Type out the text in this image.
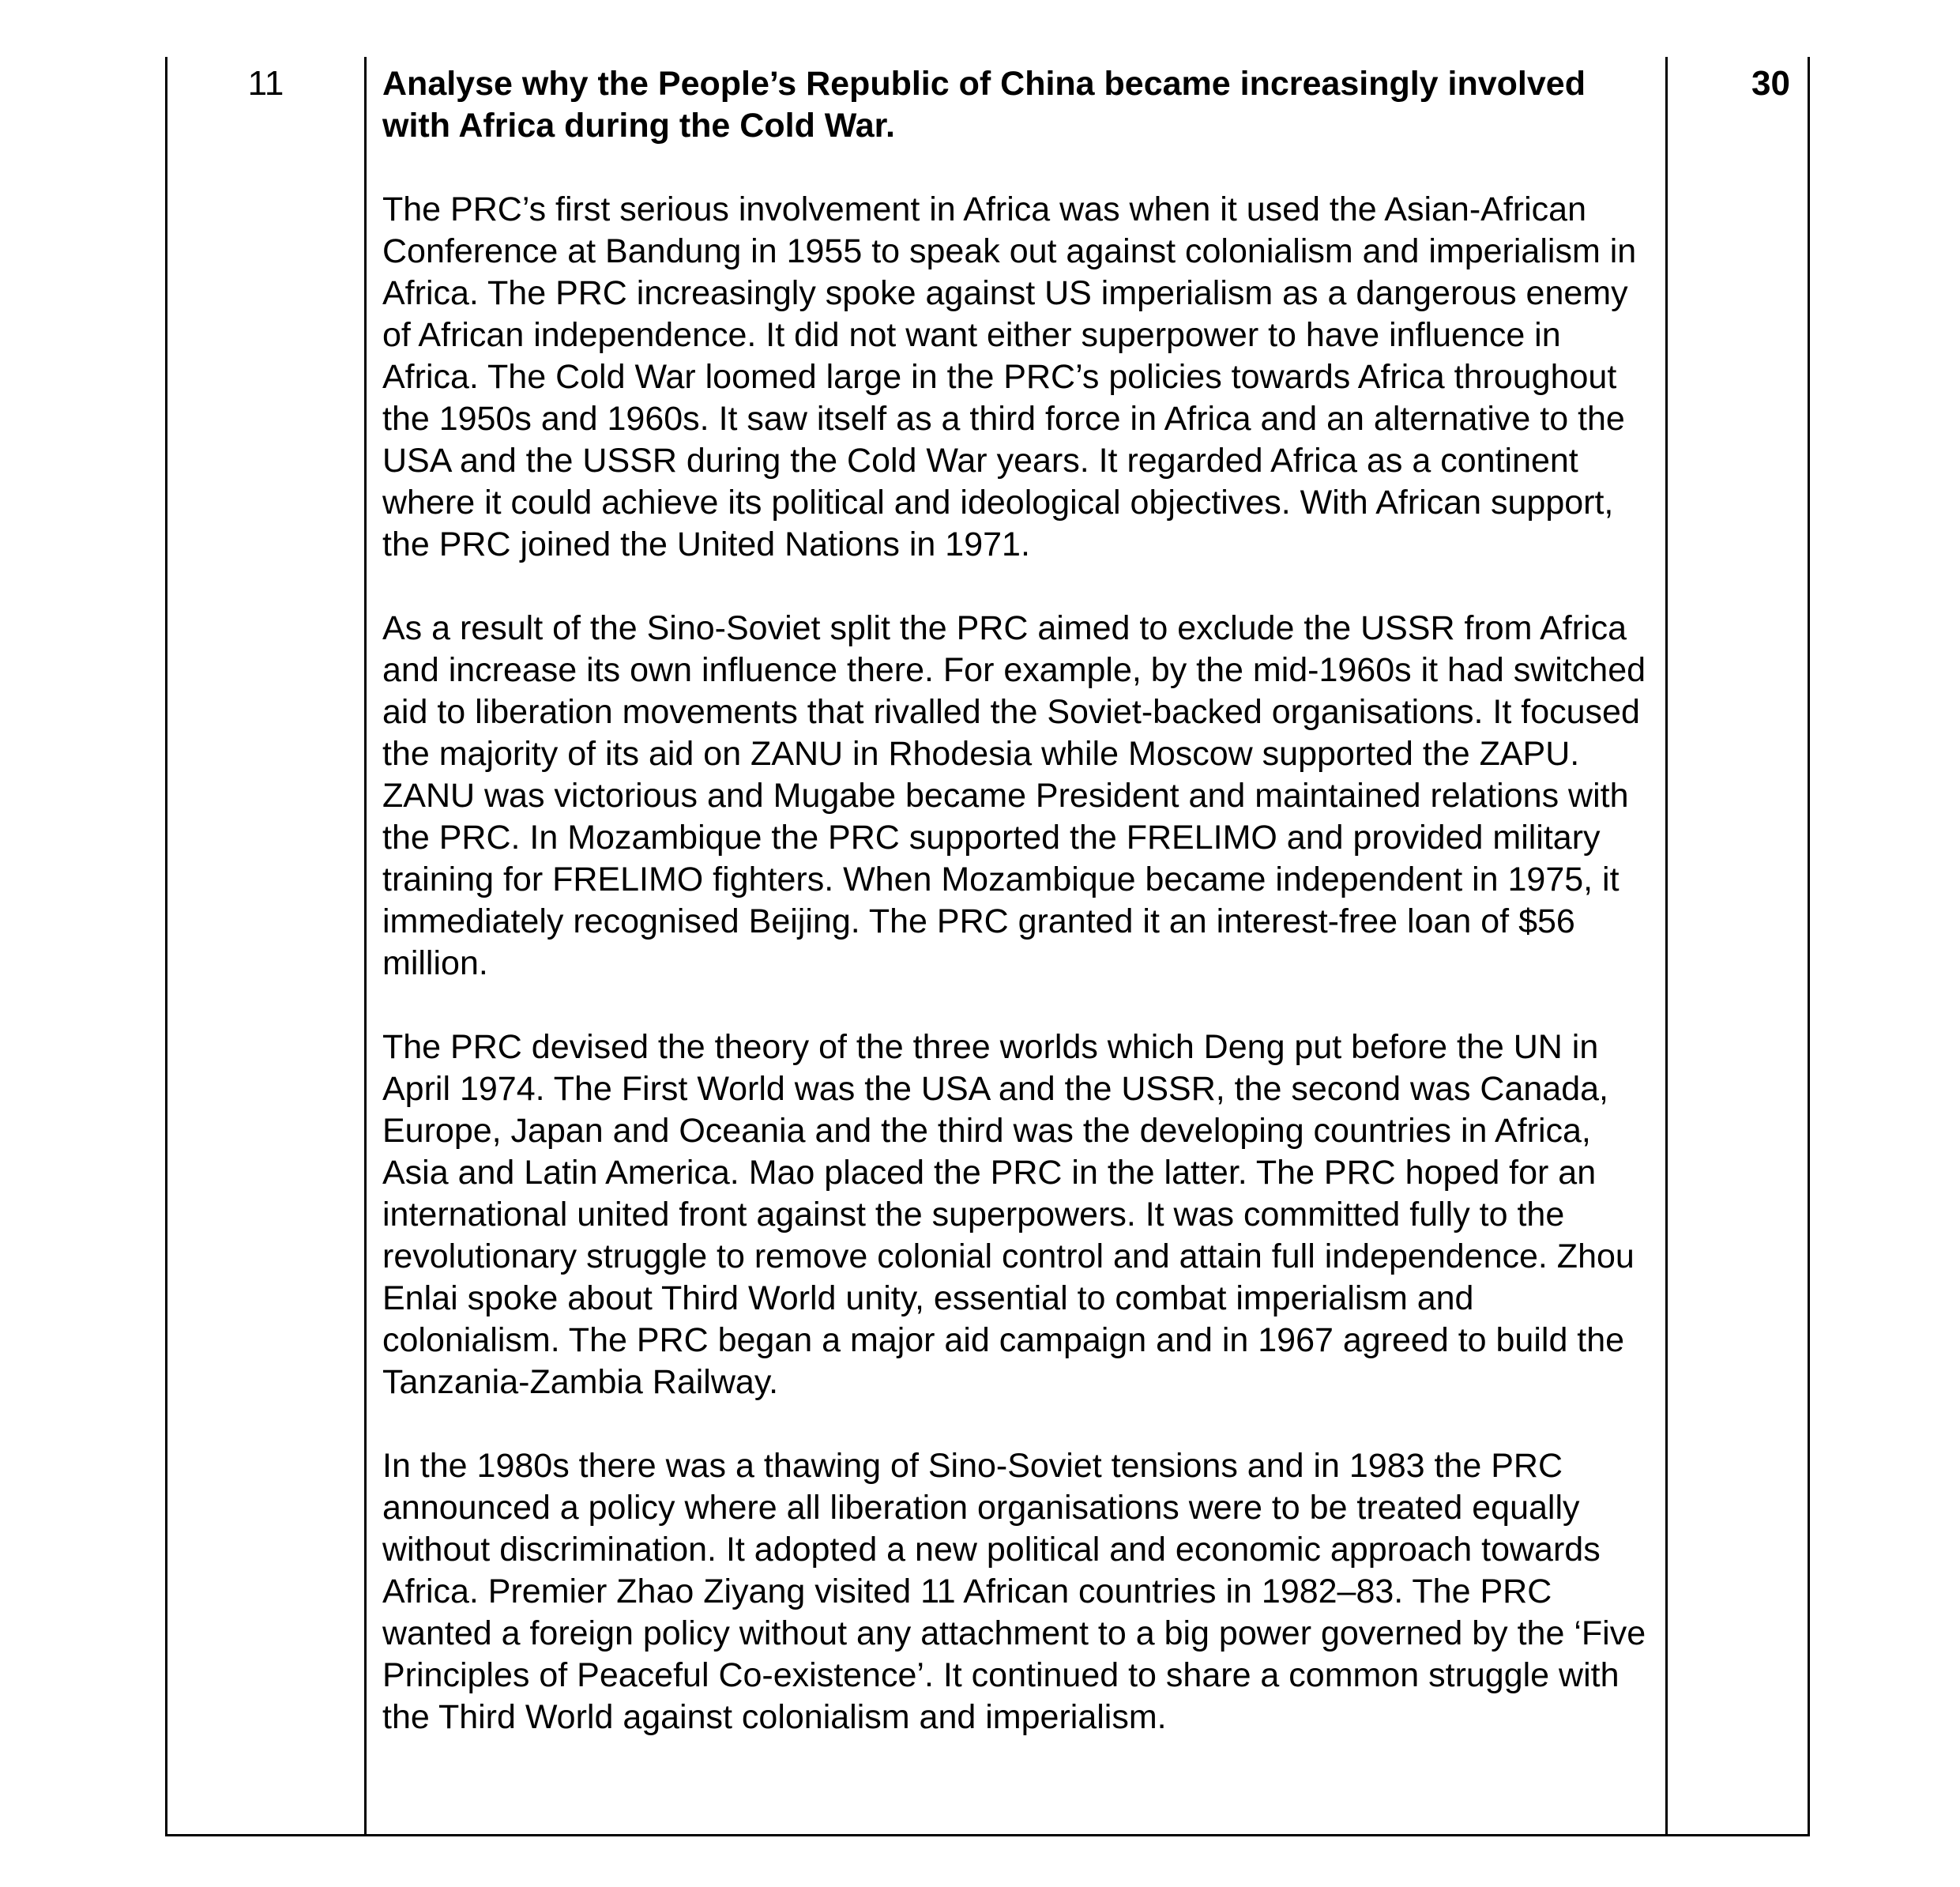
11	Analyse why the People’s Republic of China became increasingly involved with Africa during the Cold War.

The PRC’s first serious involvement in Africa was when it used the Asian-African Conference at Bandung in 1955 to speak out against colonialism and imperialism in Africa. The PRC increasingly spoke against US imperialism as a dangerous enemy of African independence. It did not want either superpower to have influence in Africa. The Cold War loomed large in the PRC’s policies towards Africa throughout the 1950s and 1960s. It saw itself as a third force in Africa and an alternative to the USA and the USSR during the Cold War years. It regarded Africa as a continent where it could achieve its political and ideological objectives. With African support, the PRC joined the United Nations in 1971.

As a result of the Sino-Soviet split the PRC aimed to exclude the USSR from Africa and increase its own influence there. For example, by the mid-1960s it had switched aid to liberation movements that rivalled the Soviet-backed organisations. It focused the majority of its aid on ZANU in Rhodesia while Moscow supported the ZAPU. ZANU was victorious and Mugabe became President and maintained relations with the PRC. In Mozambique the PRC supported the FRELIMO and provided military training for FRELIMO fighters. When Mozambique became independent in 1975, it immediately recognised Beijing. The PRC granted it an interest-free loan of $56 million.

The PRC devised the theory of the three worlds which Deng put before the UN in April 1974. The First World was the USA and the USSR, the second was Canada, Europe, Japan and Oceania and the third was the developing countries in Africa, Asia and Latin America. Mao placed the PRC in the latter. The PRC hoped for an international united front against the superpowers. It was committed fully to the revolutionary struggle to remove colonial control and attain full independence. Zhou Enlai spoke about Third World unity, essential to combat imperialism and colonialism. The PRC began a major aid campaign and in 1967 agreed to build the Tanzania-Zambia Railway.

In the 1980s there was a thawing of Sino-Soviet tensions and in 1983 the PRC announced a policy where all liberation organisations were to be treated equally without discrimination. It adopted a new political and economic approach towards Africa. Premier Zhao Ziyang visited 11 African countries in 1982–83. The PRC wanted a foreign policy without any attachment to a big power governed by the ‘Five Principles of Peaceful Co-existence’. It continued to share a common struggle with the Third World against colonialism and imperialism.

30
